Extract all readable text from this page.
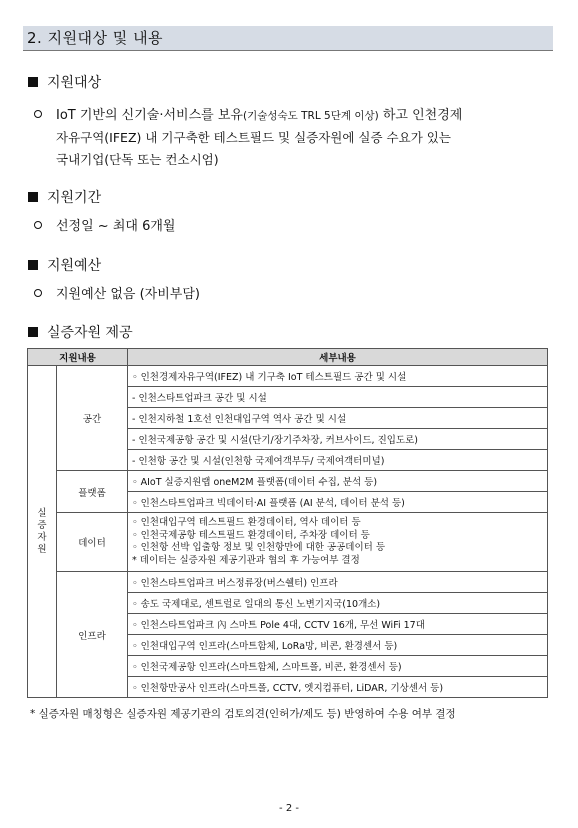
2. 지원대상 및 내용
지원대상
IoT 기반의 신기술·서비스를 보유(기술성숙도 TRL 5단계 이상) 하고 인천경제
자유구역(IFEZ) 내 기구축한 테스트필드 및 실증자원에 실증 수요가 있는
국내기업(단독 또는 컨소시엄)
지원기간
선정일 ~ 최대 6개월
지원예산
지원예산 없음 (자비부담)
실증자원 제공
지원내용		세부내용
실증자원	공간	◦ 인천경제자유구역(IFEZ) 내 기구축 IoT 테스트필드 공간 및 시설
		- 인천스타트업파크 공간 및 시설
		- 인천지하철 1호선 인천대입구역 역사 공간 및 시설
		- 인천국제공항 공간 및 시설(단기/장기주차장, 커브사이드, 진입도로)
		- 인천항 공간 및 시설(인천항 국제여객부두/ 국제여객터미널)
	플랫폼	◦ AIoT 실증지원랩 oneM2M 플랫폼(데이터 수집, 분석 등)
		◦ 인천스타트업파크 빅데이터·AI 플랫폼 (AI 분석, 데이터 분석 등)
	데이터	◦ 인천대입구역 테스트필드 환경데이터, 역사 데이터 등
◦ 인천국제공항 테스트필드 환경데이터, 주차장 데이터 등
◦ 인천항 선박 입출항 정보 및 인천항만에 대한 공공데이터 등
* 데이터는 실증자원 제공기관과 협의 후 가능여부 결정

	인프라	◦ 인천스타트업파크 버스정류장(버스쉘터) 인프라
		◦ 송도 국제대로, 센트럴로 일대의 통신 노변기지국(10개소)
		◦ 인천스타트업파크 內 스마트 Pole 4대, CCTV 16개, 무선 WiFi 17대
		◦ 인천대입구역 인프라(스마트함체, LoRa망, 비콘, 환경센서 등)
		◦ 인천국제공항 인프라(스마트함체, 스마트폴, 비콘, 환경센서 등)
		◦ 인천항만공사 인프라(스마트폴, CCTV, 엣지컴퓨터, LiDAR, 기상센서 등)
* 실증자원 매칭형은 실증자원 제공기관의 검토의견(인허가/제도 등) 반영하여 수용 여부 결정
- 2 -
